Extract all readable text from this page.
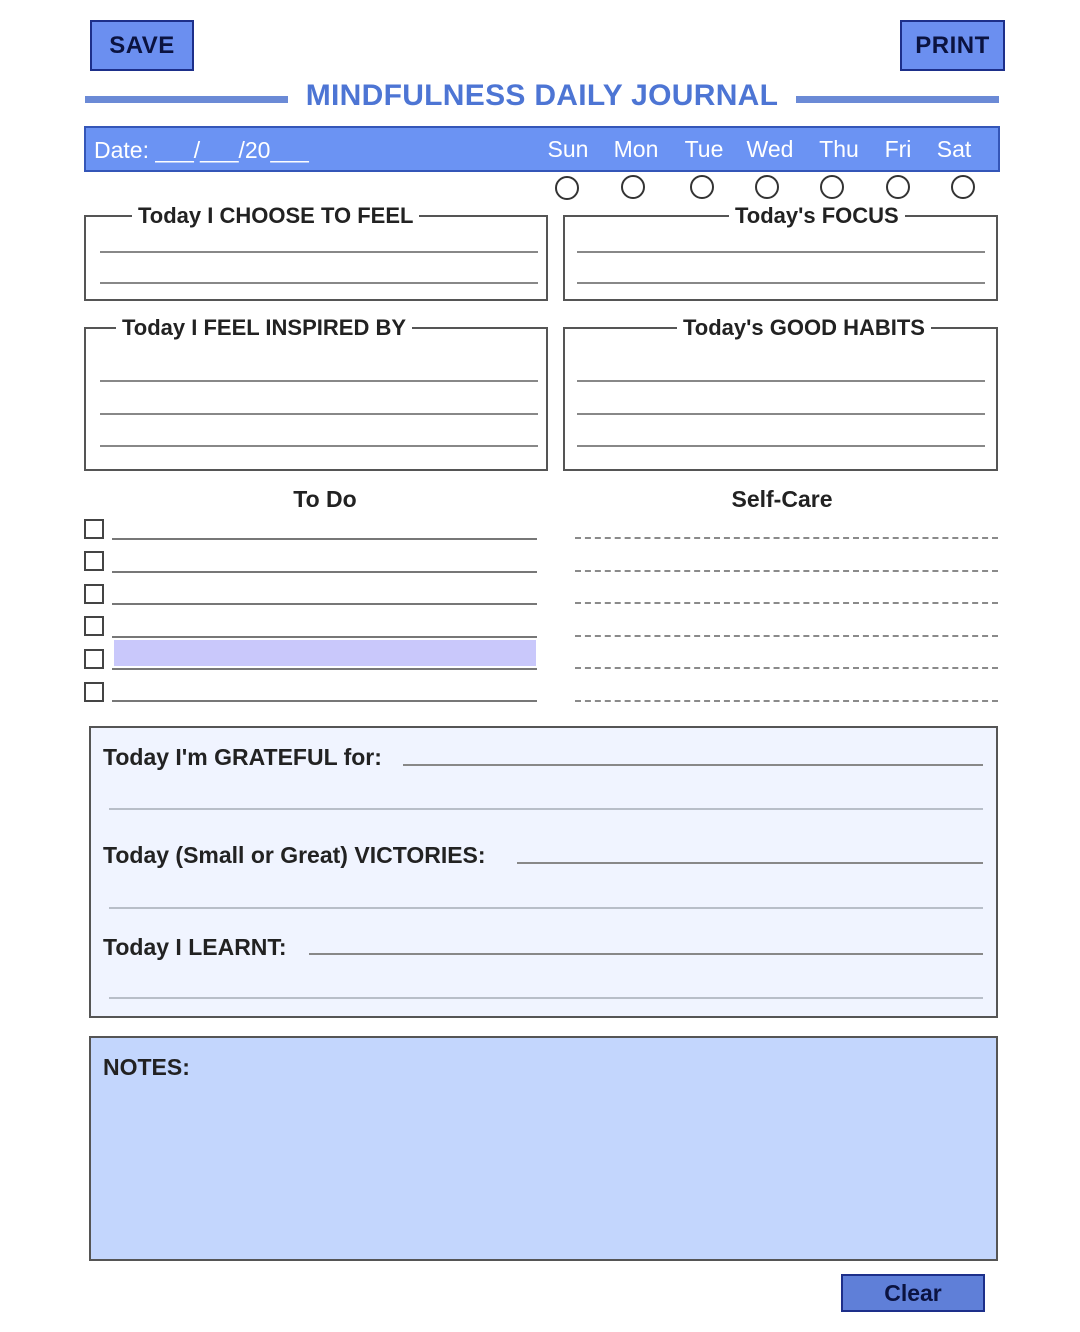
SAVE	PRINT
MINDFULNESS DAILY JOURNAL
Date: ___/___/20___	Sun	Mon	Tue	Wed	Thu	Fri	Sat
Today I CHOOSE TO FEEL	Today's FOCUS
Today I FEEL INSPIRED BY	Today's GOOD HABITS
To Do	Self-Care
Today I'm GRATEFUL for:
Today (Small or Great) VICTORIES:
Today I LEARNT:
NOTES:
Clear
